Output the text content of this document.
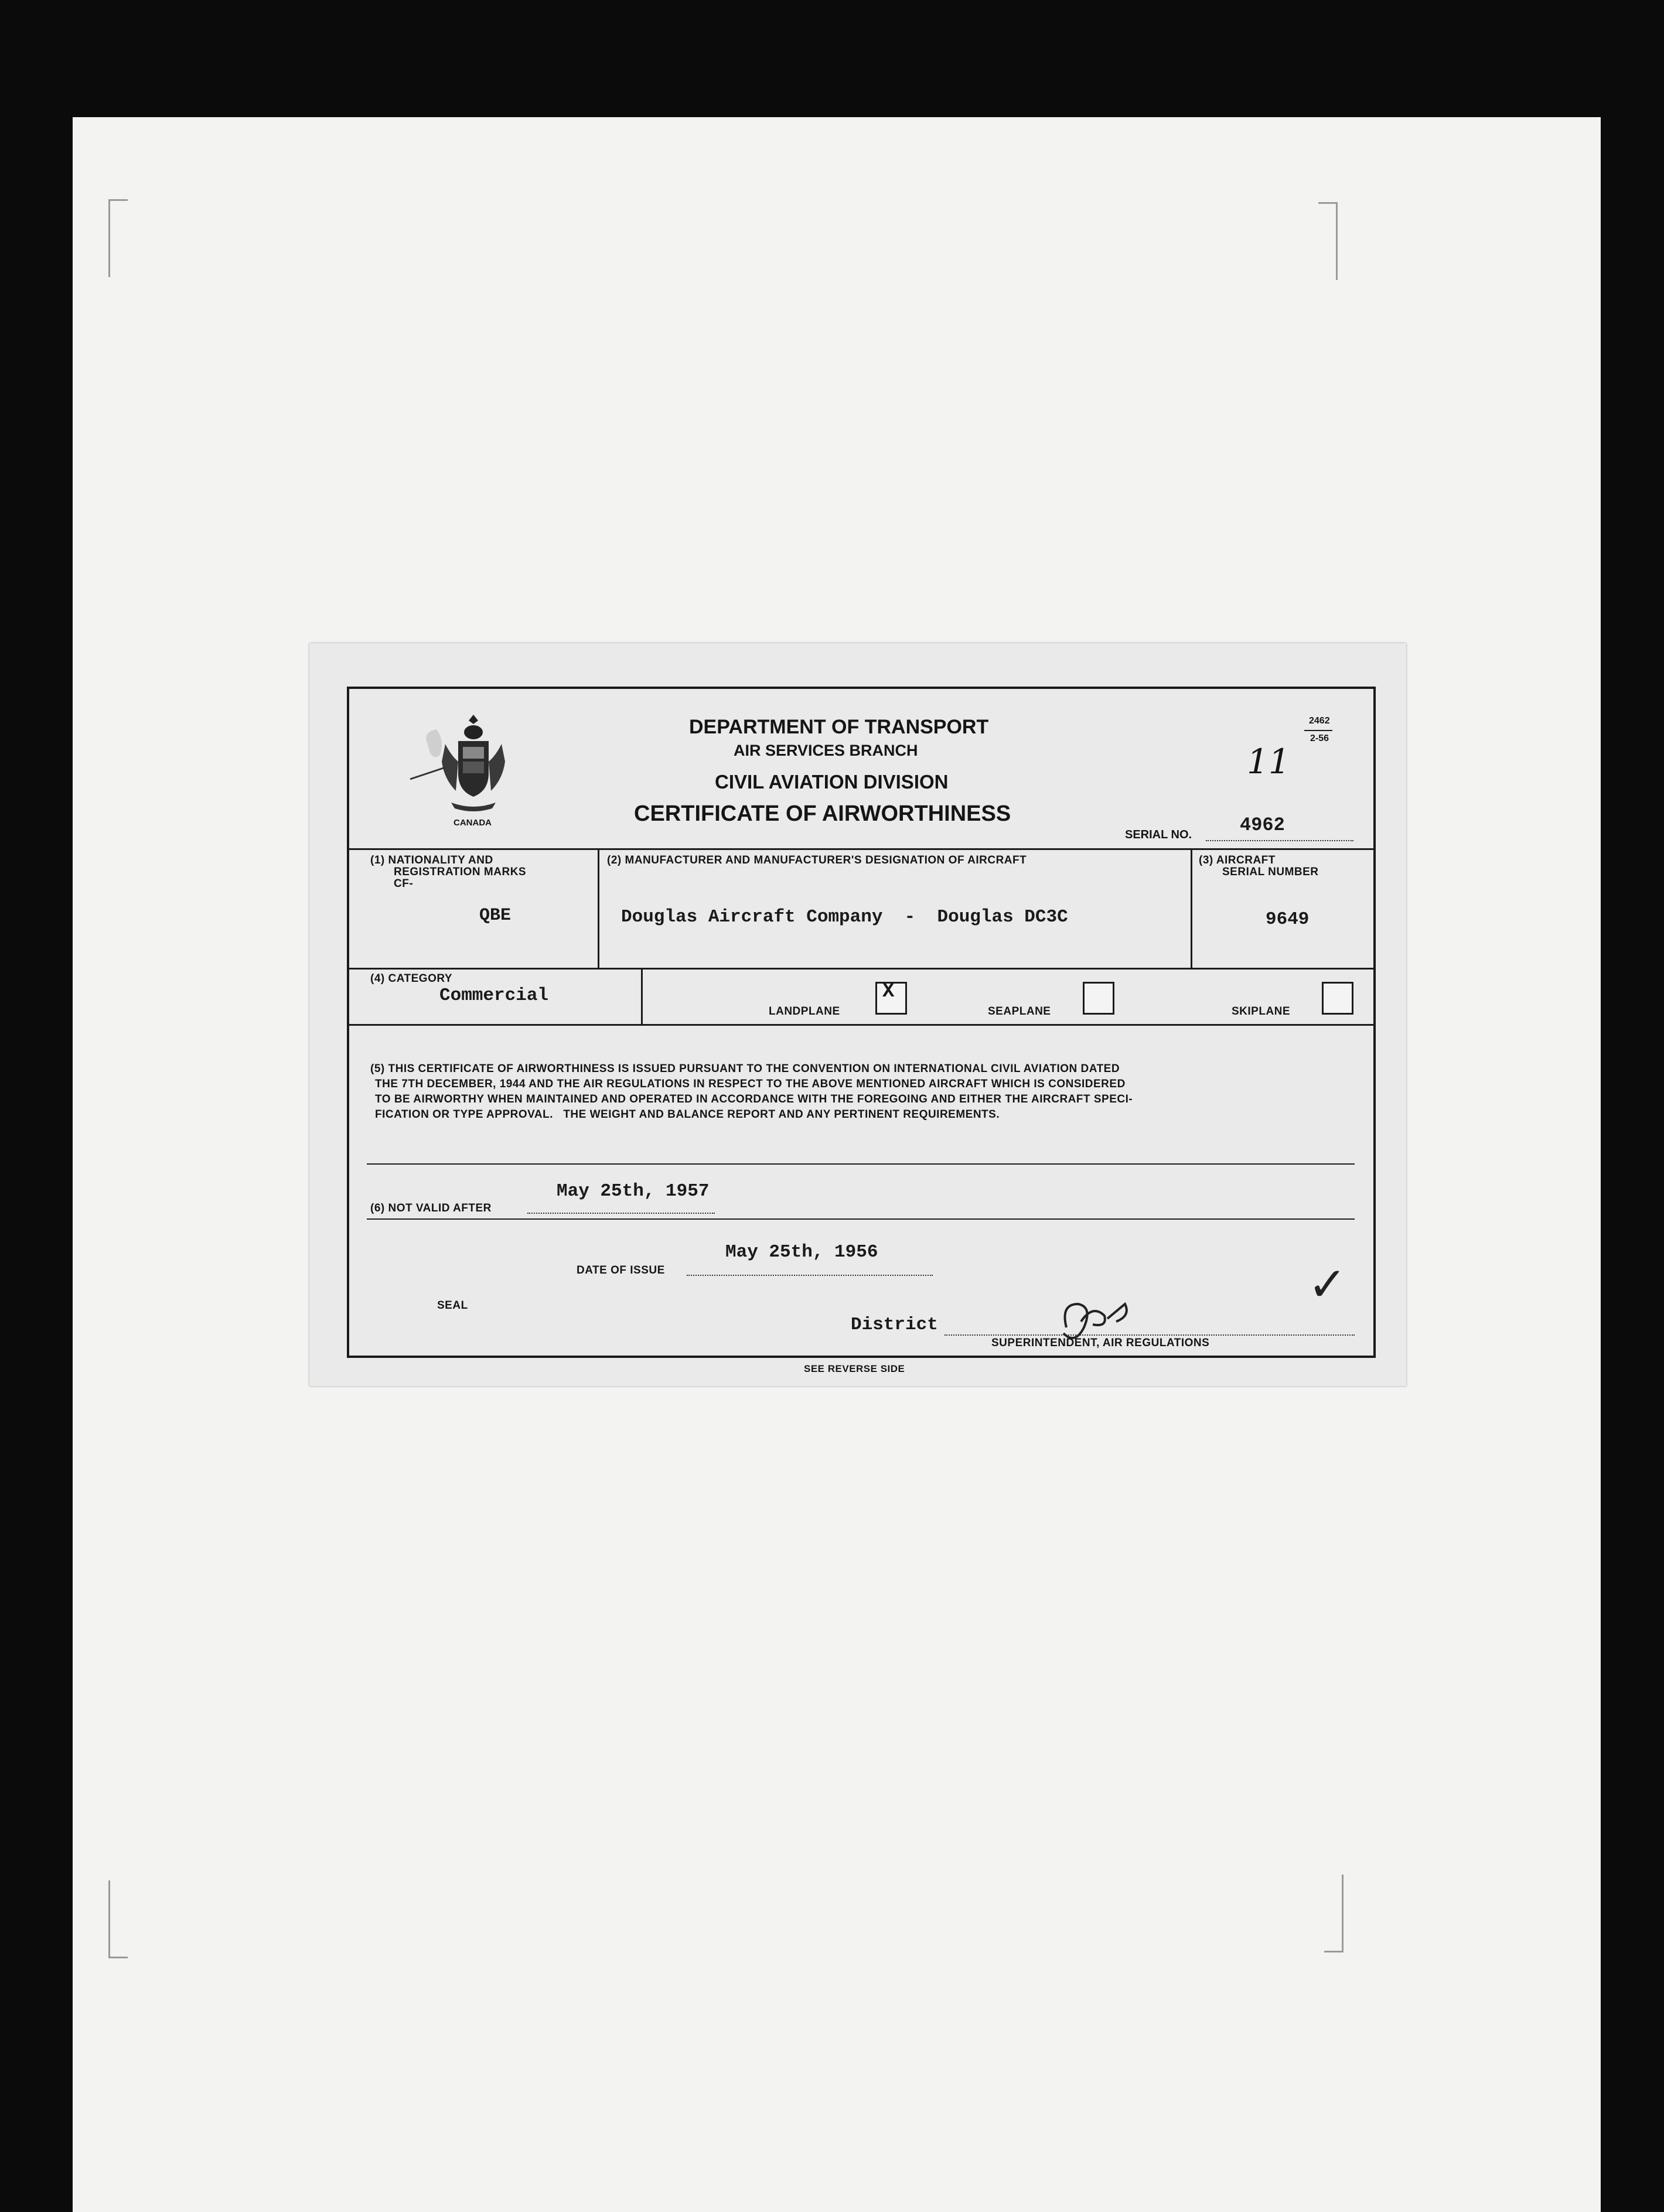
CANADA
DEPARTMENT OF TRANSPORT
AIR SERVICES BRANCH
CIVIL AVIATION DIVISION
CERTIFICATE OF AIRWORTHINESS
2462
2-56
11
SERIAL NO.	4962
(1) NATIONALITY AND
REGISTRATION MARKS
CF-
QBE
(2) MANUFACTURER AND MANUFACTURER'S DESIGNATION OF AIRCRAFT
Douglas Aircraft Company  -  Douglas DC3C
(3) AIRCRAFT
SERIAL NUMBER
9649
(4) CATEGORY
Commercial
LANDPLANE
X
SEAPLANE	SKIPLANE
(5) THIS CERTIFICATE OF AIRWORTHINESS IS ISSUED PURSUANT TO THE CONVENTION ON INTERNATIONAL CIVIL AVIATION DATED
THE 7TH DECEMBER, 1944 AND THE AIR REGULATIONS IN RESPECT TO THE ABOVE MENTIONED AIRCRAFT WHICH IS CONSIDERED
TO BE AIRWORTHY WHEN MAINTAINED AND OPERATED IN ACCORDANCE WITH THE FOREGOING AND EITHER THE AIRCRAFT SPECI-
FICATION OR TYPE APPROVAL.   THE WEIGHT AND BALANCE REPORT AND ANY PERTINENT REQUIREMENTS.
(6) NOT VALID AFTER
May 25th, 1957
May 25th, 1956
DATE OF ISSUE
SEAL
District
✓
SUPERINTENDENT, AIR REGULATIONS
SEE REVERSE SIDE
